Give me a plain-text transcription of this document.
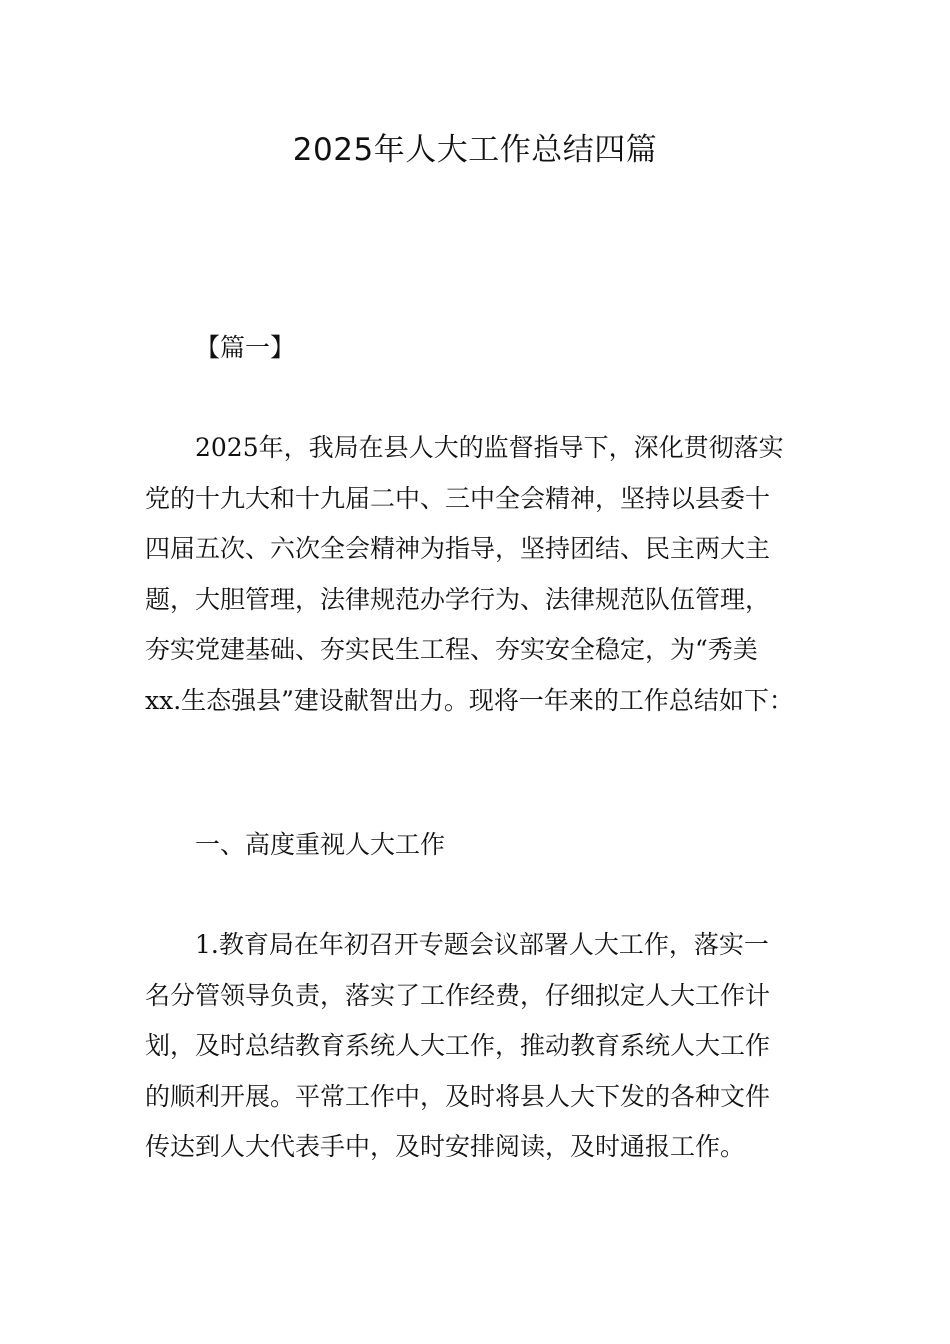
2025年人大工作总结四篇
【篇一】
2025年，我局在县人大的监督指导下，深化贯彻落实
党的十九大和十九届二中、三中全会精神，坚持以县委十
四届五次、六次全会精神为指导，坚持团结、民主两大主
题，大胆管理，法律规范办学行为、法律规范队伍管理，
夯实党建基础、夯实民生工程、夯实安全稳定，为“秀美
xx.生态强县”建设献智出力。现将一年来的工作总结如下：
一、高度重视人大工作
1.教育局在年初召开专题会议部署人大工作，落实一
名分管领导负责，落实了工作经费，仔细拟定人大工作计
划，及时总结教育系统人大工作，推动教育系统人大工作
的顺利开展。平常工作中，及时将县人大下发的各种文件
传达到人大代表手中，及时安排阅读，及时通报工作。
